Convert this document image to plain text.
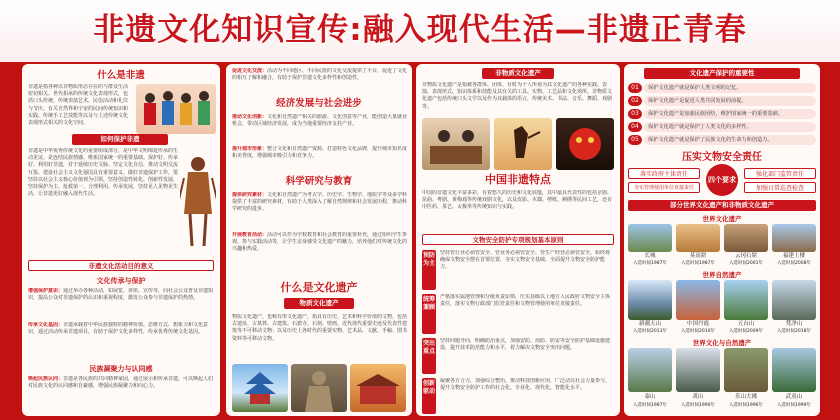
非遗文化知识宣传:融入现代生活—非遗正青春
什么是非遗
非遗是指各种以非物质形态存在的与群众生活密切相关、世代相承的传统文化表现形式，包括口头传统、传统表演艺术、民俗活动和礼仪与节庆、有关自然界和宇宙的民间传统知识和实践、传统手工艺技能等以及与上述传统文化表现形式相关的文化空间。
如何保护非遗
非遗是中华优秀传统文化的重要组成部分，是中华文明绵延传承的生动见证，是连结民族情感、维系国家统一的重要基础。保护好、传承好、利用好非遗，对于延续历史文脉、坚定文化自信、推动文明交流互鉴、建设社会主义文化强国具有重要意义。做好非遗保护工作，要坚持以社会主义核心价值观为引领，坚持创造性转化、创新性发展，坚持保护为主、抢救第一、合理利用、传承发展，坚持见人见物见生活，让非遗更好融入现代生活。
非遗文化活动目的意义
文化传承与保护
增强保护意识：通过举办各种活动，如展览、讲座、宣传等，向社会公众普及非遗知识，提高公众对非遗保护的认识和重视程度，激发公众参与非遗保护的热情。
传承文化基因：非遗承载着中华民族独特的精神价值、思维方式、想象力和文化意识，通过活动传承非遗项目，有助于保护文化多样性，传承优秀传统文化基因。
民族凝聚力与认同感
唤起民族认同：非遗是各民族的共同精神家园，通过展示和传承非遗，可以唤起人们对民族文化的认同感和自豪感，增强民族凝聚力和向心力。
促进文化交流：活动为不同地区、不同民族的文化交流提供了平台，促进了文化的相互了解和融合，有助于保护非遗文化多样性和创造性。
经济发展与社会进步
推动文化创新：文化和自然遗产相关的旅游、文化创意等产业，能创造大量就业机会，带动区域经济发展，成为当地重要经济支柱产业。
提升城市形象：整合文化和自然遗产资源，打造特色文化品牌，提升城市知名度和美誉度，增强城市吸引力和竞争力。
科学研究与教育
提供研究素材：文化和自然遗产为考古学、历史学、生物学、地质学等众多学科提供了丰富的研究素材，有助于人类深入了解自然规律和社会发展历程，推动科学研究的进步。
开展教育活动：活动可以作为学校教育和社会教育的重要补充，通过组织学生参观、参与实践活动等，让学生亲身感受文化遗产的魅力，培养他们对传统文化的兴趣和热爱。
什么是文化遗产
物质文化遗产
物质文化遗产，也称有形文化遗产，指具有历史、艺术和科学价值的文物，包括古遗址、古墓葬、古建筑、石窟寺、石刻、壁画、近代现代重要史迹及代表性建筑等不可移动文物；以及历史上各时代的重要实物、艺术品、文献、手稿、图书资料等可移动文物。
非物质文化遗产
非物质文化遗产是指被各群体、团体、有时为个人所视为其文化遗产的各种实践、表演、表现形式、知识体系和技能及其有关的工具、实物、工艺品和文化场所。非物质文化遗产包括传统口头文学以及作为其载体的语言，传统美术、书法、音乐、舞蹈、戏剧等。
中国非遗特点
中国的非遗文化丰富多彩，有着悠久的历史和文化底蕴，其中最具代表性的包括京剧、昆曲、粤剧、黄梅戏等传统戏剧文化，以及皮影、木偶、剪纸、刺绣等民间工艺，还有中医药、茶艺、太极拳等传统知识与实践。
文物安全防护专项规划基本原则
预防为主
坚持管行业必须管安全、管业务必须管安全、管生产经营必须管安全，始终将确保文物安全摆在首要位置，夯实文物安全基础，全面提升文物安全防护能力。
统筹兼顾
严格落实属地管理和分级负责原则，压实县级以上地方人民政府文物安全主体责任，落实文物行政部门监管责任和文物管理使用单位直接责任。
突出重点
坚持问题导向，明确防治重点，加强安防、消防、防雷等安全防护基础设施建设，提升技术防范能力和水平，着力解决文物安全突出问题。
创新驱动
凝聚各方合力，加强综合整治，推动科技创新应用，广泛动员社会力量参与，提升文物安全防护工作的社会化、专业化、现代化、智能化水平。
文化遗产保护的重要性
01	保护文化遗产就是保护人类文明的记忆。
02	保护文化遗产是促进人类共同发展的前提。
03	保护文化遗产是加强民族团结、维护国家统一的重要基础。
04	保护文化遗产就是保护了人类文化的多样性。
05	保护文化遗产就是保护了民族文化的生命力和创造力。
压实文物安全责任
落实政府主体责任	强化部门监管责任
夯实管理使用单位直接责任	加强日常巡查检查
四个要求
部分世界文化遗产和非物质文化遗产
世界文化遗产
长城	莫高窟	云冈石窟	福建土楼
入选时间1987年	入选时间1987年	入选时间2001年	入选时间2008年
世界自然遗产
新疆天山	中国丹霞	五台山	梵净山
入选时间2013年	入选时间2010年	入选时间2009年	入选时间2018年
世界文化与自然遗产
泰山	黄山	乐山大佛	武夷山
入选时间1987年	入选时间1990年	入选时间1996年	入选时间1999年
